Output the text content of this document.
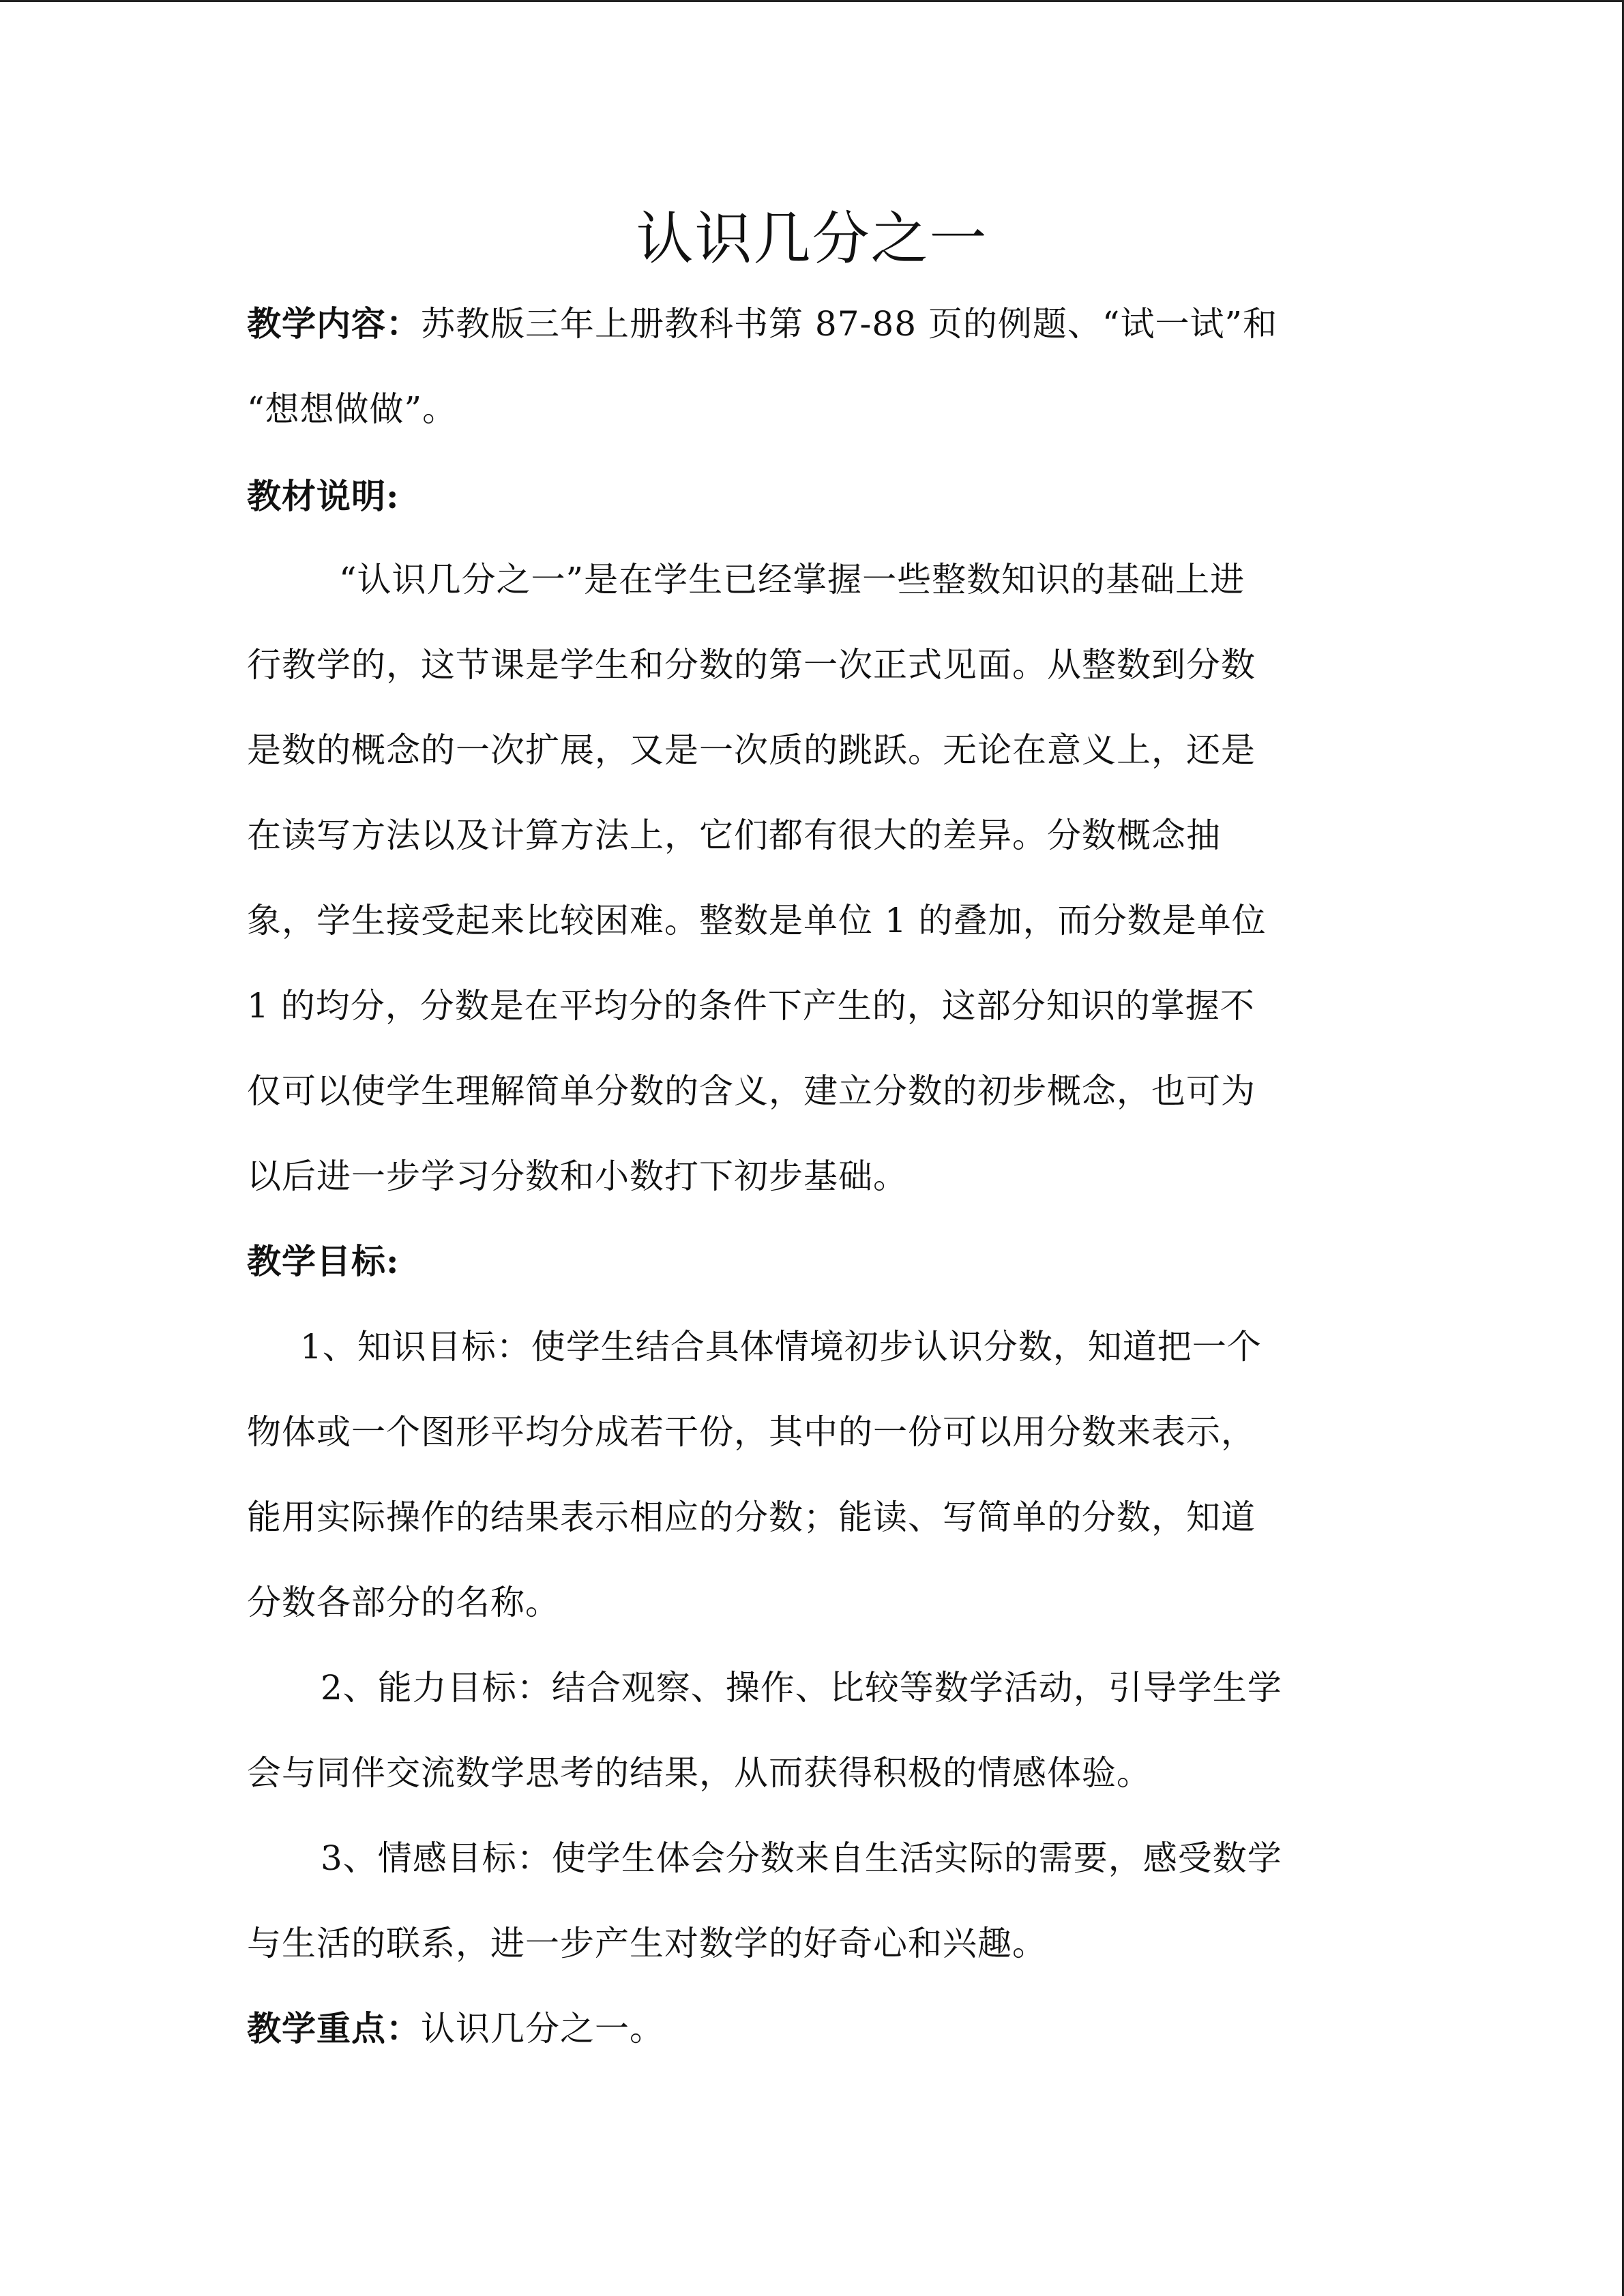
认识几分之一
教学内容：苏教版三年上册教科书第 87-88 页的例题、“试一试”和
“想想做做”。
教材说明:
“认识几分之一”是在学生已经掌握一些整数知识的基础上进
行教学的，这节课是学生和分数的第一次正式见面。从整数到分数
是数的概念的一次扩展，又是一次质的跳跃。无论在意义上，还是
在读写方法以及计算方法上，它们都有很大的差异。分数概念抽
象，学生接受起来比较困难。整数是单位 1 的叠加，而分数是单位
1 的均分，分数是在平均分的条件下产生的，这部分知识的掌握不
仅可以使学生理解简单分数的含义，建立分数的初步概念，也可为
以后进一步学习分数和小数打下初步基础。
教学目标:
1、知识目标：使学生结合具体情境初步认识分数，知道把一个
物体或一个图形平均分成若干份，其中的一份可以用分数来表示，
能用实际操作的结果表示相应的分数；能读、写简单的分数，知道
分数各部分的名称。
2、能力目标：结合观察、操作、比较等数学活动，引导学生学
会与同伴交流数学思考的结果，从而获得积极的情感体验。
3、情感目标：使学生体会分数来自生活实际的需要，感受数学
与生活的联系，进一步产生对数学的好奇心和兴趣。
教学重点：认识几分之一。
